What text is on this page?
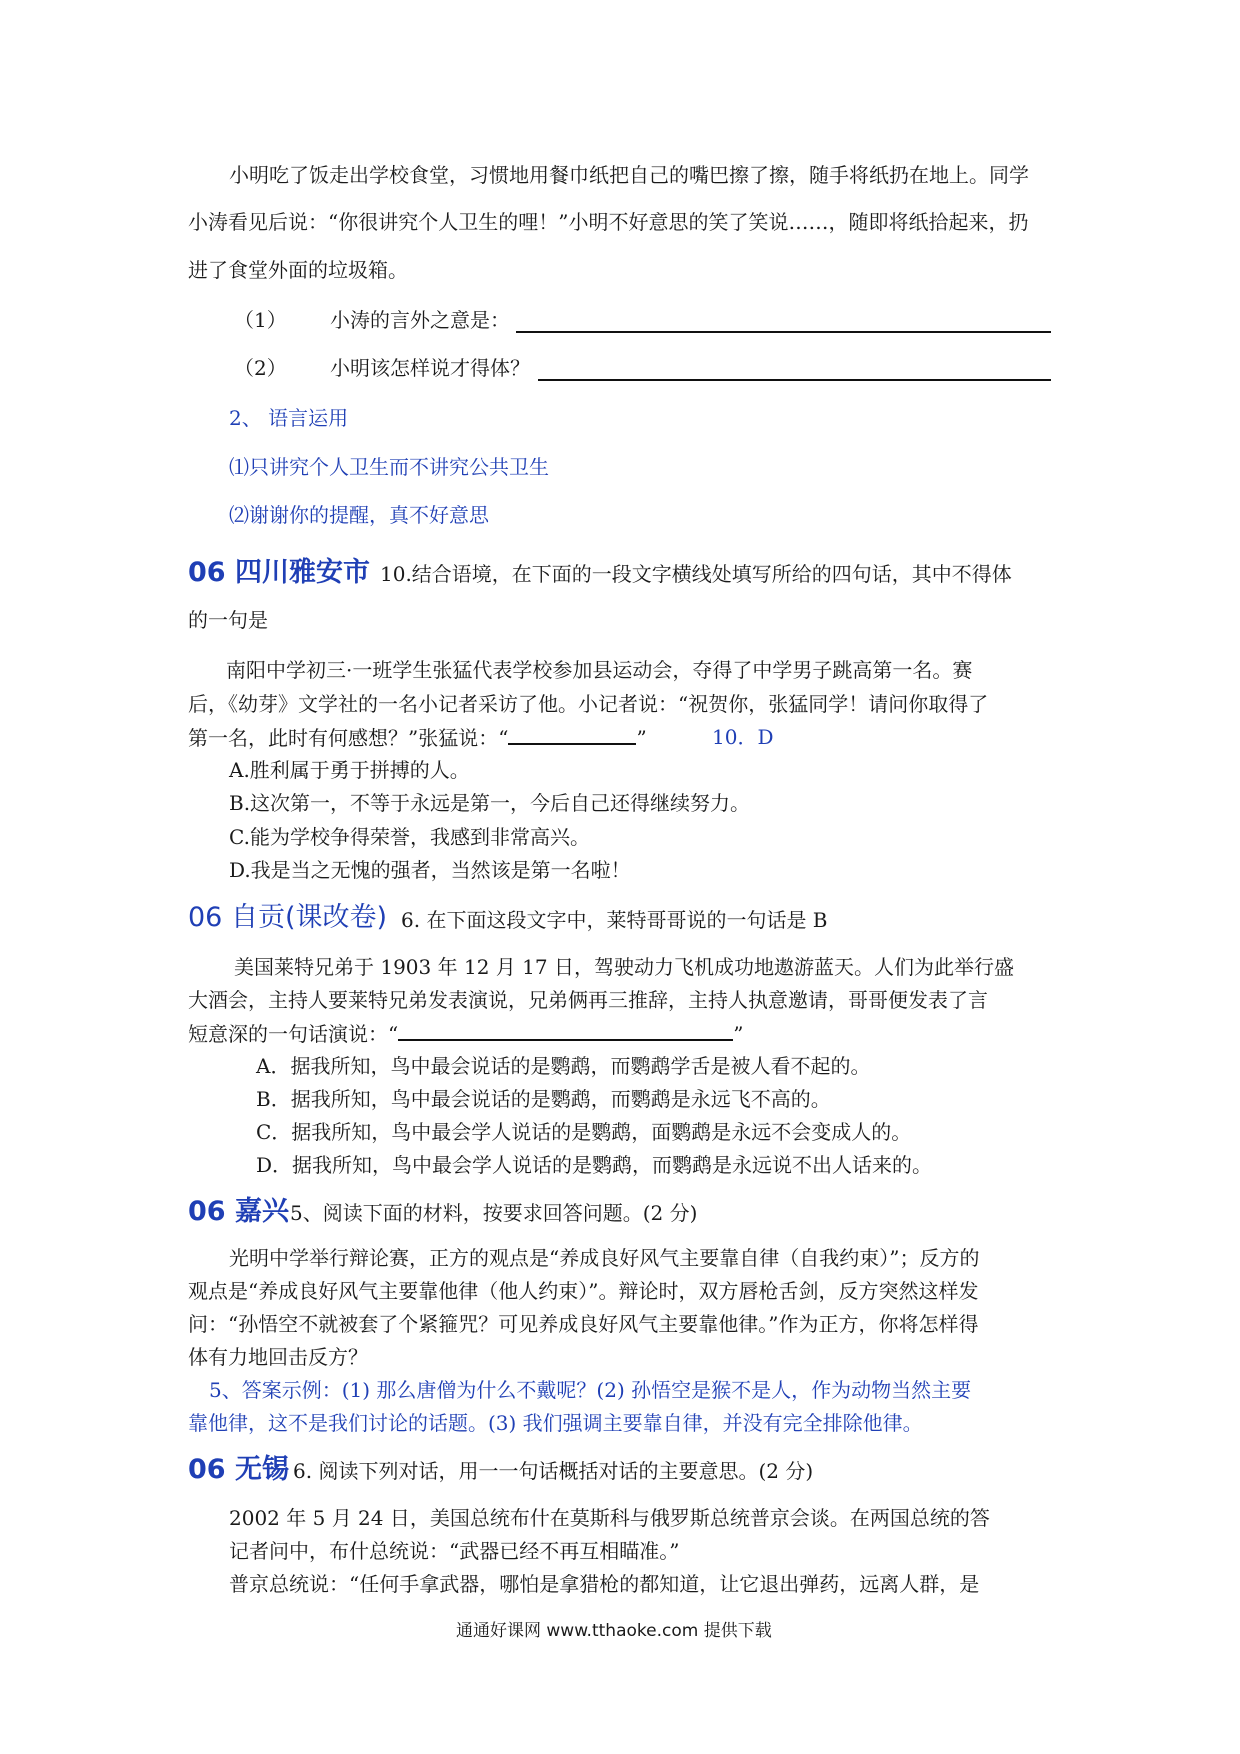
小明吃了饭走出学校食堂，习惯地用餐巾纸把自己的嘴巴擦了擦，随手将纸扔在地上。同学
小涛看见后说：“你很讲究个人卫生的哩！”小明不好意思的笑了笑说……，随即将纸拾起来，扔
进了食堂外面的垃圾箱。
（1） 小涛的言外之意是：
（2） 小明该怎样说才得体？
2、 语言运用
⑴只讲究个人卫生而不讲究公共卫生
⑵谢谢你的提醒，真不好意思
06 四川雅安市 10.结合语境，在下面的一段文字横线处填写所给的四句话，其中不得体
的一句是
南阳中学初三·一班学生张猛代表学校参加县运动会，夺得了中学男子跳高第一名。赛
后，《幼芽》文学社的一名小记者采访了他。小记者说：“祝贺你，张猛同学！请问你取得了
第一名，此时有何感想？”张猛说：“	”	10．D
A.胜利属于勇于拼搏的人。
B.这次第一，不等于永远是第一，今后自己还得继续努力。
C.能为学校争得荣誉，我感到非常高兴。
D.我是当之无愧的强者，当然该是第一名啦！
06 自贡(课改卷) 6. 在下面这段文字中，莱特哥哥说的一句话是 B
美国莱特兄弟于 1903 年 12 月 17 日，驾驶动力飞机成功地遨游蓝天。人们为此举行盛
大酒会，主持人要莱特兄弟发表演说，兄弟俩再三推辞，主持人执意邀请，哥哥便发表了言
短意深的一句话演说：“	”
A．据我所知，鸟中最会说话的是鹦鹉，而鹦鹉学舌是被人看不起的。
B．据我所知，鸟中最会说话的是鹦鹉，而鹦鹉是永远飞不高的。
C．据我所知，鸟中最会学人说话的是鹦鹉，面鹦鹉是永远不会变成人的。
D．据我所知，鸟中最会学人说话的是鹦鹉，而鹦鹉是永远说不出人话来的。
06 嘉兴 5、阅读下面的材料，按要求回答问题。(2 分)
光明中学举行辩论赛，正方的观点是“养成良好风气主要靠自律（自我约束）”；反方的
观点是“养成良好风气主要靠他律（他人约束）”。辩论时，双方唇枪舌剑，反方突然这样发
问：“孙悟空不就被套了个紧箍咒？可见养成良好风气主要靠他律。”作为正方，你将怎样得
体有力地回击反方？
5、答案示例：(1) 那么唐僧为什么不戴呢？(2) 孙悟空是猴不是人，作为动物当然主要
靠他律，这不是我们讨论的话题。(3) 我们强调主要靠自律，并没有完全排除他律。
06 无锡 6. 阅读下列对话，用一一句话概括对话的主要意思。(2 分)
2002 年 5 月 24 日，美国总统布什在莫斯科与俄罗斯总统普京会谈。在两国总统的答
记者问中，布什总统说：“武器已经不再互相瞄准。”
普京总统说：“任何手拿武器，哪怕是拿猎枪的都知道，让它退出弹药，远离人群，是
通通好课网 www.tthaoke.com 提供下载
